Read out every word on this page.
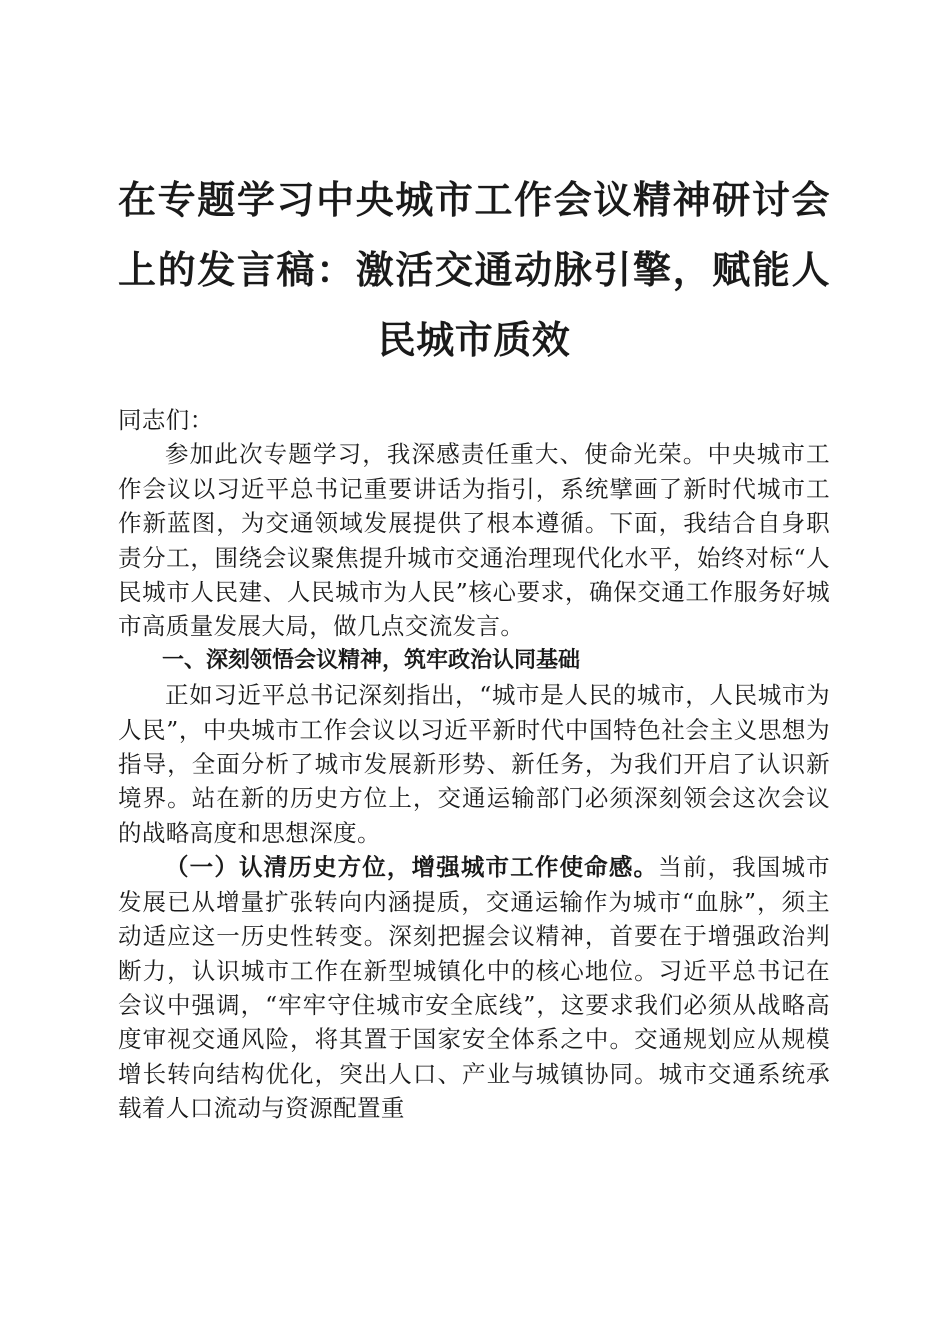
在专题学习中央城市工作会议精神研讨会上的发言稿：激活交通动脉引擎，赋能人民城市质效

同志们：

参加此次专题学习，我深感责任重大、使命光荣。中央城市工作会议以习近平总书记重要讲话为指引，系统擘画了新时代城市工作新蓝图，为交通领域发展提供了根本遵循。下面，我结合自身职责分工，围绕会议聚焦提升城市交通治理现代化水平，始终对标“人民城市人民建、人民城市为人民”核心要求，确保交通工作服务好城市高质量发展大局，做几点交流发言。

一、深刻领悟会议精神，筑牢政治认同基础

正如习近平总书记深刻指出，“城市是人民的城市，人民城市为人民”，中央城市工作会议以习近平新时代中国特色社会主义思想为指导，全面分析了城市发展新形势、新任务，为我们开启了认识新境界。站在新的历史方位上，交通运输部门必须深刻领会这次会议的战略高度和思想深度。

（一）认清历史方位，增强城市工作使命感。当前，我国城市发展已从增量扩张转向内涵提质，交通运输作为城市“血脉”，须主动适应这一历史性转变。深刻把握会议精神，首要在于增强政治判断力，认识城市工作在新型城镇化中的核心地位。习近平总书记在会议中强调，“牢牢守住城市安全底线”，这要求我们必须从战略高度审视交通风险，将其置于国家安全体系之中。交通规划应从规模增长转向结构优化，突出人口、产业与城镇协同。城市交通系统承载着人口流动与资源配置重
